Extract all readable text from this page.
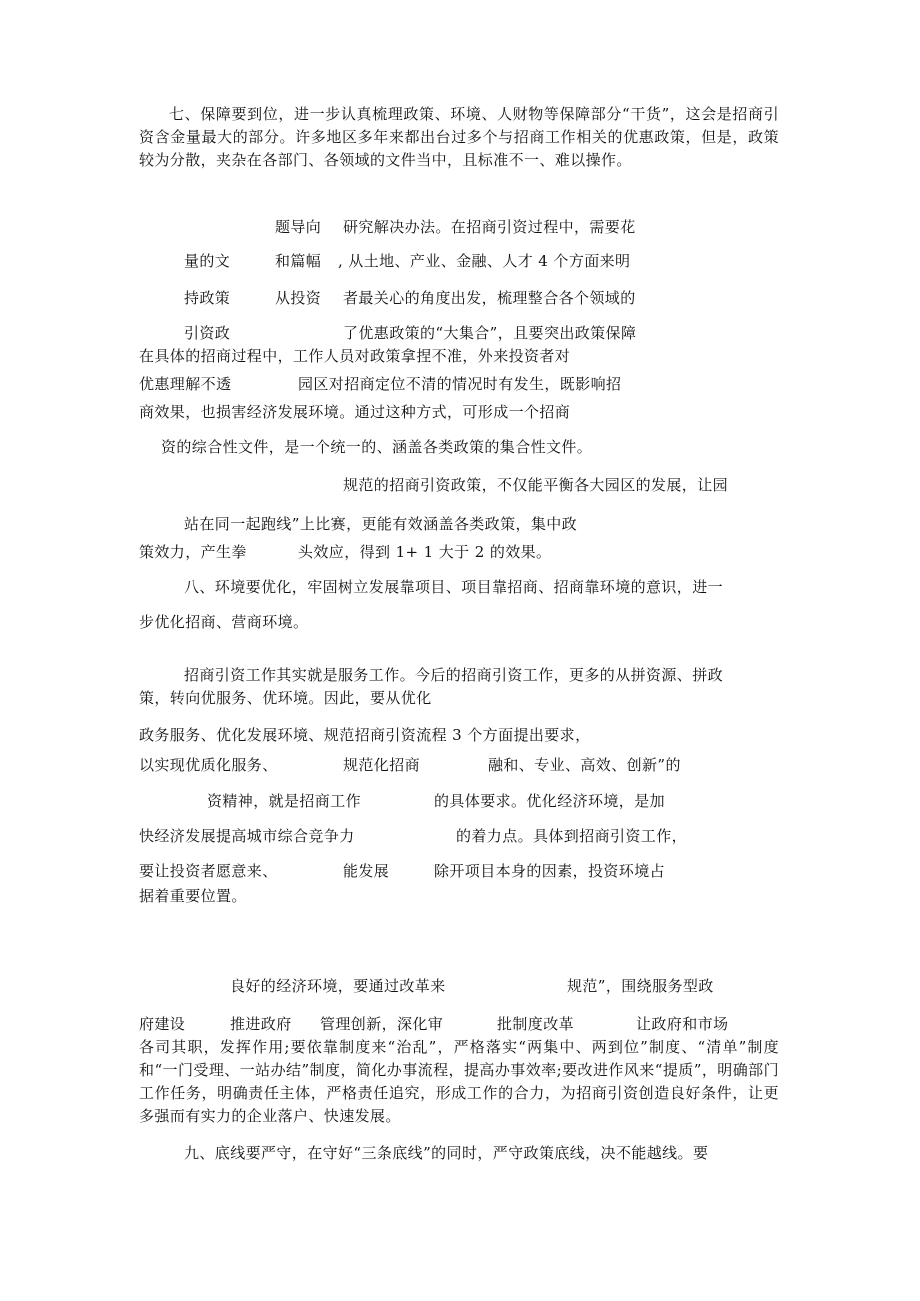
七、保障要到位，进一步认真梳理政策、环境、人财物等保障部分“干货”，这会是招商引资含金量最大的部分。许多地区多年来都出台过多个与招商工作相关的优惠政策，但是，政策较为分散，夹杂在各部门、各领域的文件当中，且标准不一、难以操作。
题导向 研究解决办法。在招商引资过程中，需要花
量的文	和篇幅 , 从土地、产业、金融、人才 4 个方面来明
持政策	从投资 者最关心的角度出发，梳理整合各个领域的
引资政	了优惠政策的“大集合”，且要突出政策保障
在具体的招商过程中，工作人员对政策拿捏不准，外来投资者对
优惠理解不透	园区对招商定位不清的情况时有发生，既影响招
商效果，也损害经济发展环境。通过这种方式，可形成一个招商
资的综合性文件，是一个统一的、涵盖各类政策的集合性文件。
规范的招商引资政策，不仅能平衡各大园区的发展，让园
站在同一起跑线”上比赛，更能有效涵盖各类政策，集中政
策效力，产生拳	头效应，得到 1+ 1 大于 2 的效果。
八、环境要优化，牢固树立发展靠项目、项目靠招商、招商靠环境的意识，进一
步优化招商、营商环境。
招商引资工作其实就是服务工作。今后的招商引资工作，更多的从拼资源、拼政
策，转向优服务、优环境。因此，要从优化
政务服务、优化发展环境、规范招商引资流程 3 个方面提出要求，
以实现优质化服务、	规范化招商	融和、专业、高效、创新”的
资精神，就是招商工作	的具体要求。优化经济环境，是加
快经济发展提高城市综合竞争力	的着力点。具体到招商引资工作，
要让投资者愿意来、	能发展	除开项目本身的因素，投资环境占
据着重要位置。
良好的经济环境，要通过改革来	规范”，围绕服务型政
府建设	推进政府 管理创新，深化审	批制度改革	让政府和市场
各司其职，发挥作用;要依靠制度来“治乱”，严格落实“两集中、两到位”制度、“清单”制度和“一门受理、一站办结”制度，简化办事流程，提高办事效率;要改进作风来“提质”，明确部门工作任务，明确责任主体，严格责任追究，形成工作的合力，为招商引资创造良好条件，让更多强而有实力的企业落户、快速发展。
九、底线要严守，在守好“三条底线”的同时，严守政策底线，决不能越线。要
